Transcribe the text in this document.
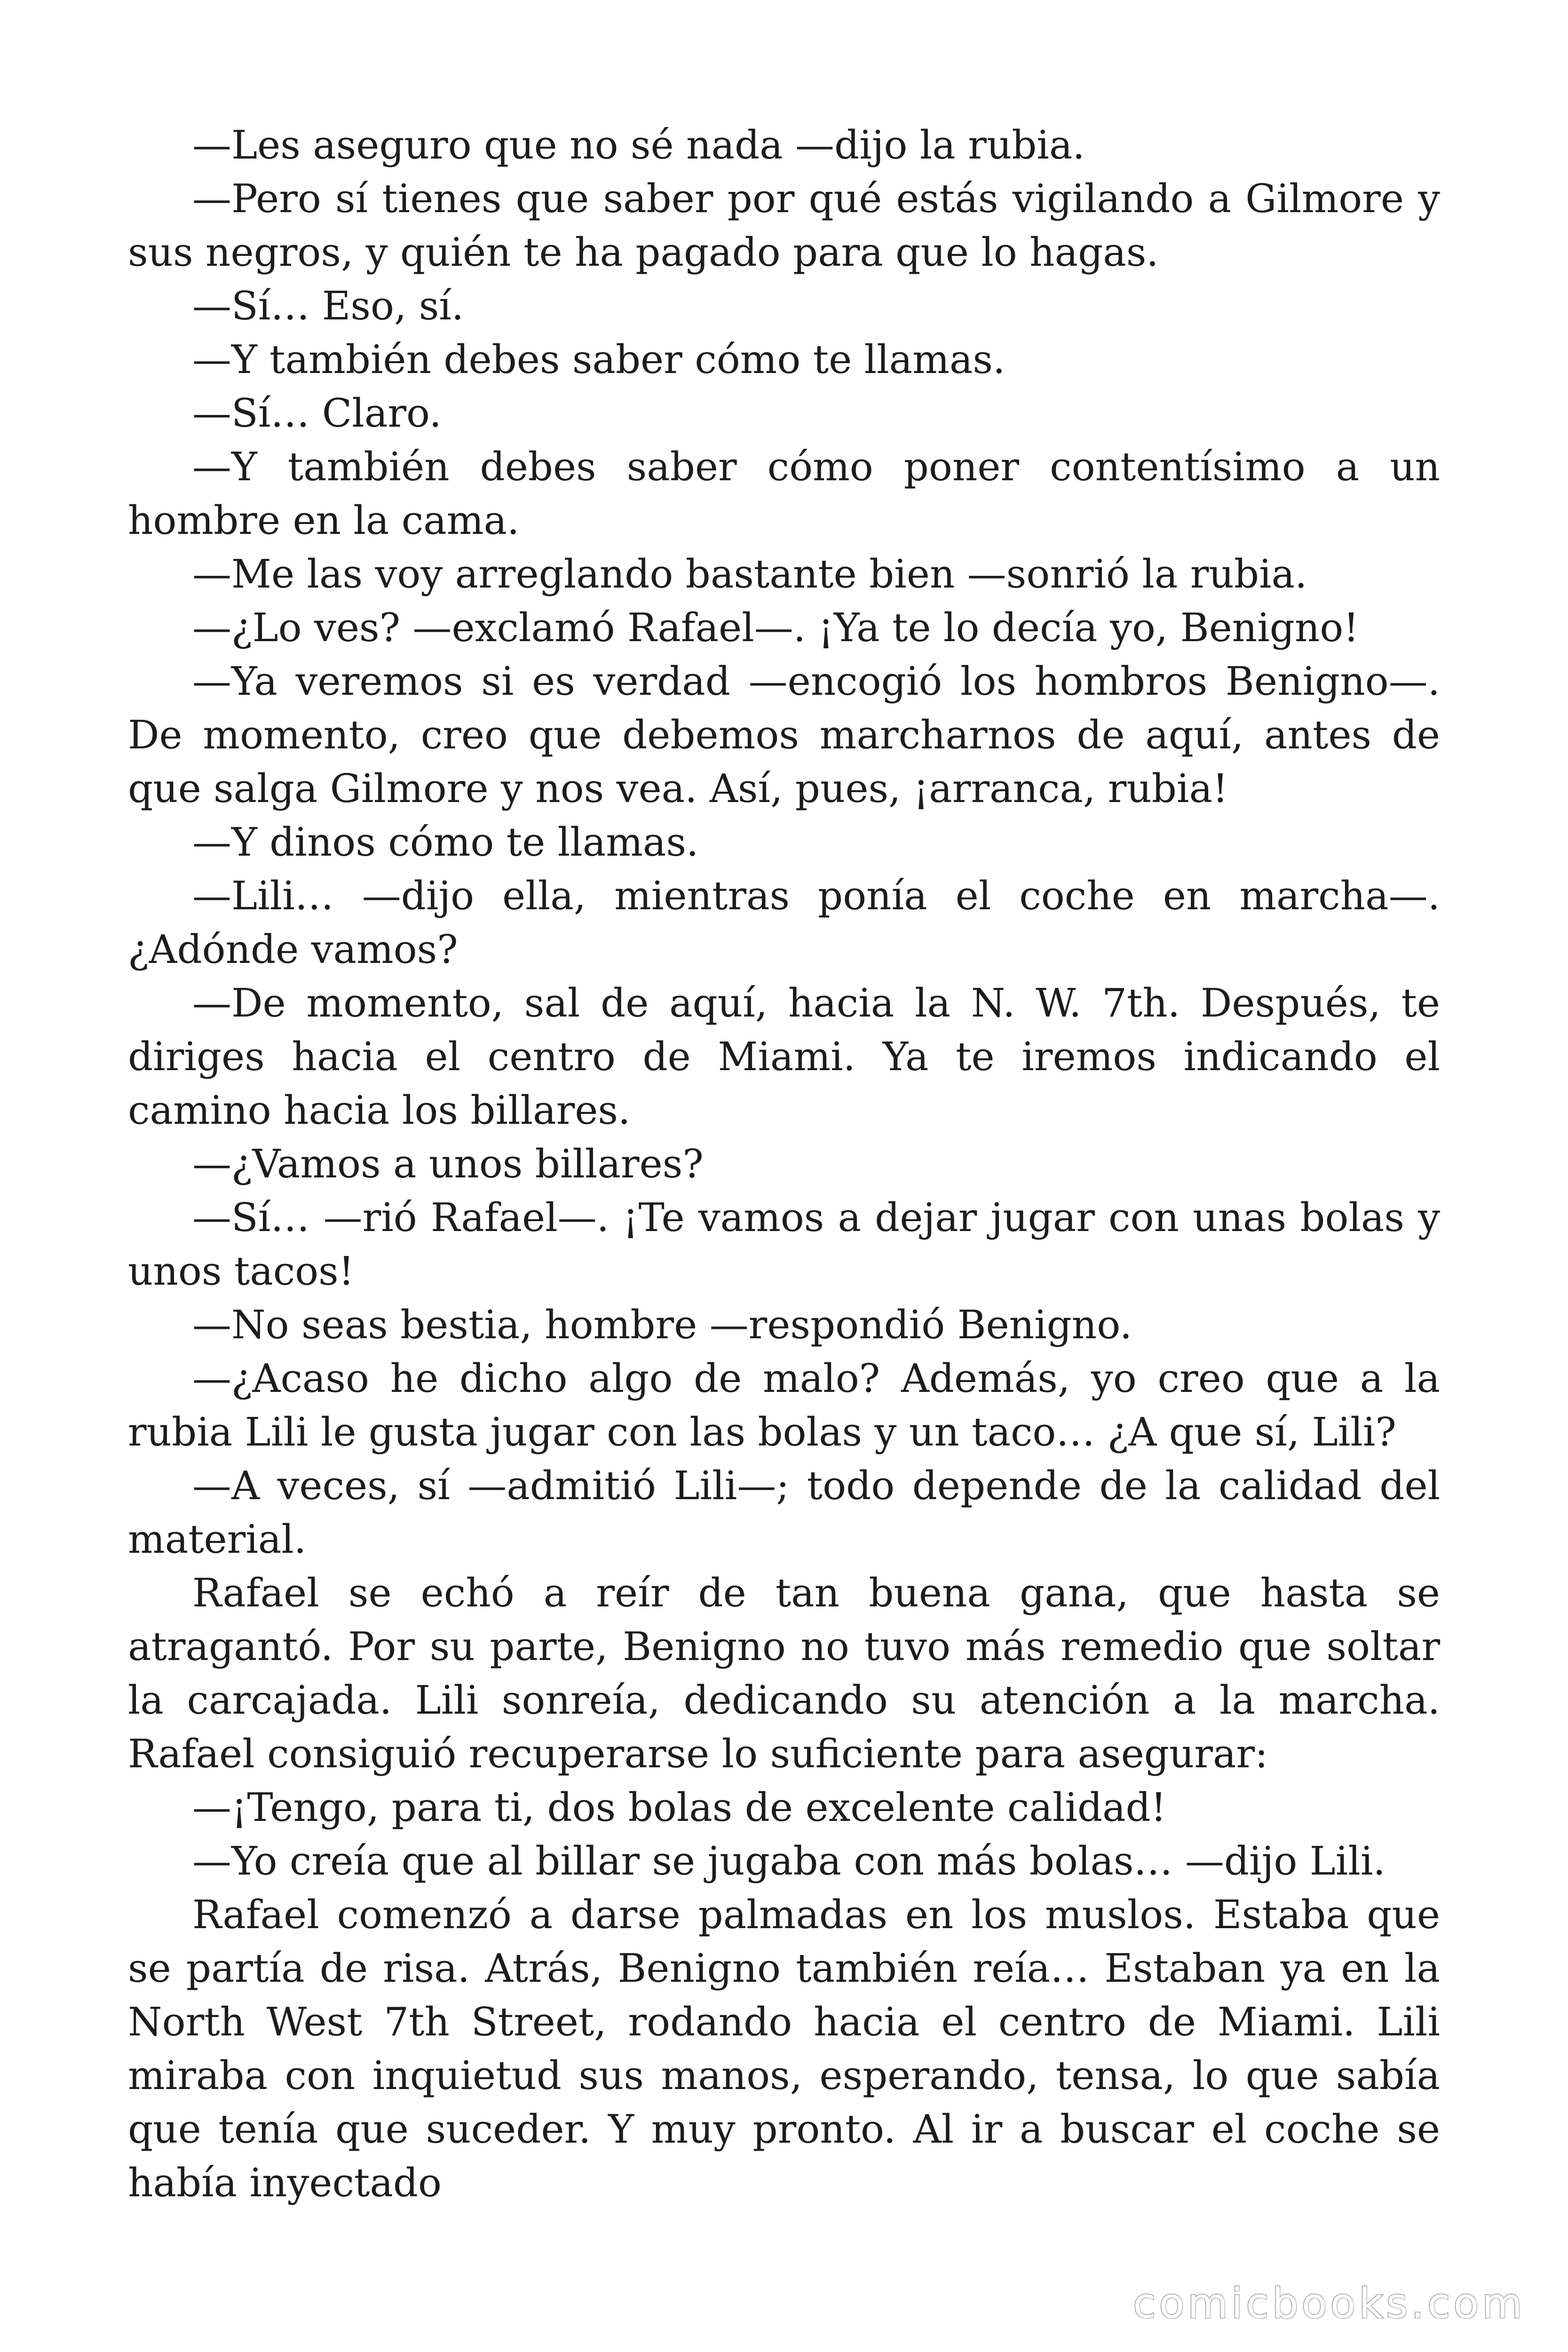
—Les aseguro que no sé nada —dijo la rubia.

—Pero sí tienes que saber por qué estás vigilando a Gilmore y sus negros, y quién te ha pagado para que lo hagas.

—Sí… Eso, sí.

—Y también debes saber cómo te llamas.

—Sí… Claro.

—Y también debes saber cómo poner contentísimo a un hombre en la cama.

—Me las voy arreglando bastante bien —sonrió la rubia.

—¿Lo ves? —exclamó Rafael—. ¡Ya te lo decía yo, Benigno!

—Ya veremos si es verdad —encogió los hombros Benigno—. De momento, creo que debemos marcharnos de aquí, antes de que salga Gilmore y nos vea. Así, pues, ¡arranca, rubia!

—Y dinos cómo te llamas.

—Lili… —dijo ella, mientras ponía el coche en marcha—. ¿Adónde vamos?

—De momento, sal de aquí, hacia la N. W. 7th. Después, te diriges hacia el centro de Miami. Ya te iremos indicando el camino hacia los billares.

—¿Vamos a unos billares?

—Sí… —rió Rafael—. ¡Te vamos a dejar jugar con unas bolas y unos tacos!

—No seas bestia, hombre —respondió Benigno.

—¿Acaso he dicho algo de malo? Además, yo creo que a la rubia Lili le gusta jugar con las bolas y un taco… ¿A que sí, Lili?

—A veces, sí —admitió Lili—; todo depende de la calidad del material.

Rafael se echó a reír de tan buena gana, que hasta se atragantó. Por su parte, Benigno no tuvo más remedio que soltar la carcajada. Lili sonreía, dedicando su atención a la marcha. Rafael consiguió recuperarse lo suficiente para asegurar:

—¡Tengo, para ti, dos bolas de excelente calidad!

—Yo creía que al billar se jugaba con más bolas… —dijo Lili.

Rafael comenzó a darse palmadas en los muslos. Estaba que se partía de risa. Atrás, Benigno también reía… Estaban ya en la North West 7th Street, rodando hacia el centro de Miami. Lili miraba con inquietud sus manos, esperando, tensa, lo que sabía que tenía que suceder. Y muy pronto. Al ir a buscar el coche se había inyectado

comicbooks.com
